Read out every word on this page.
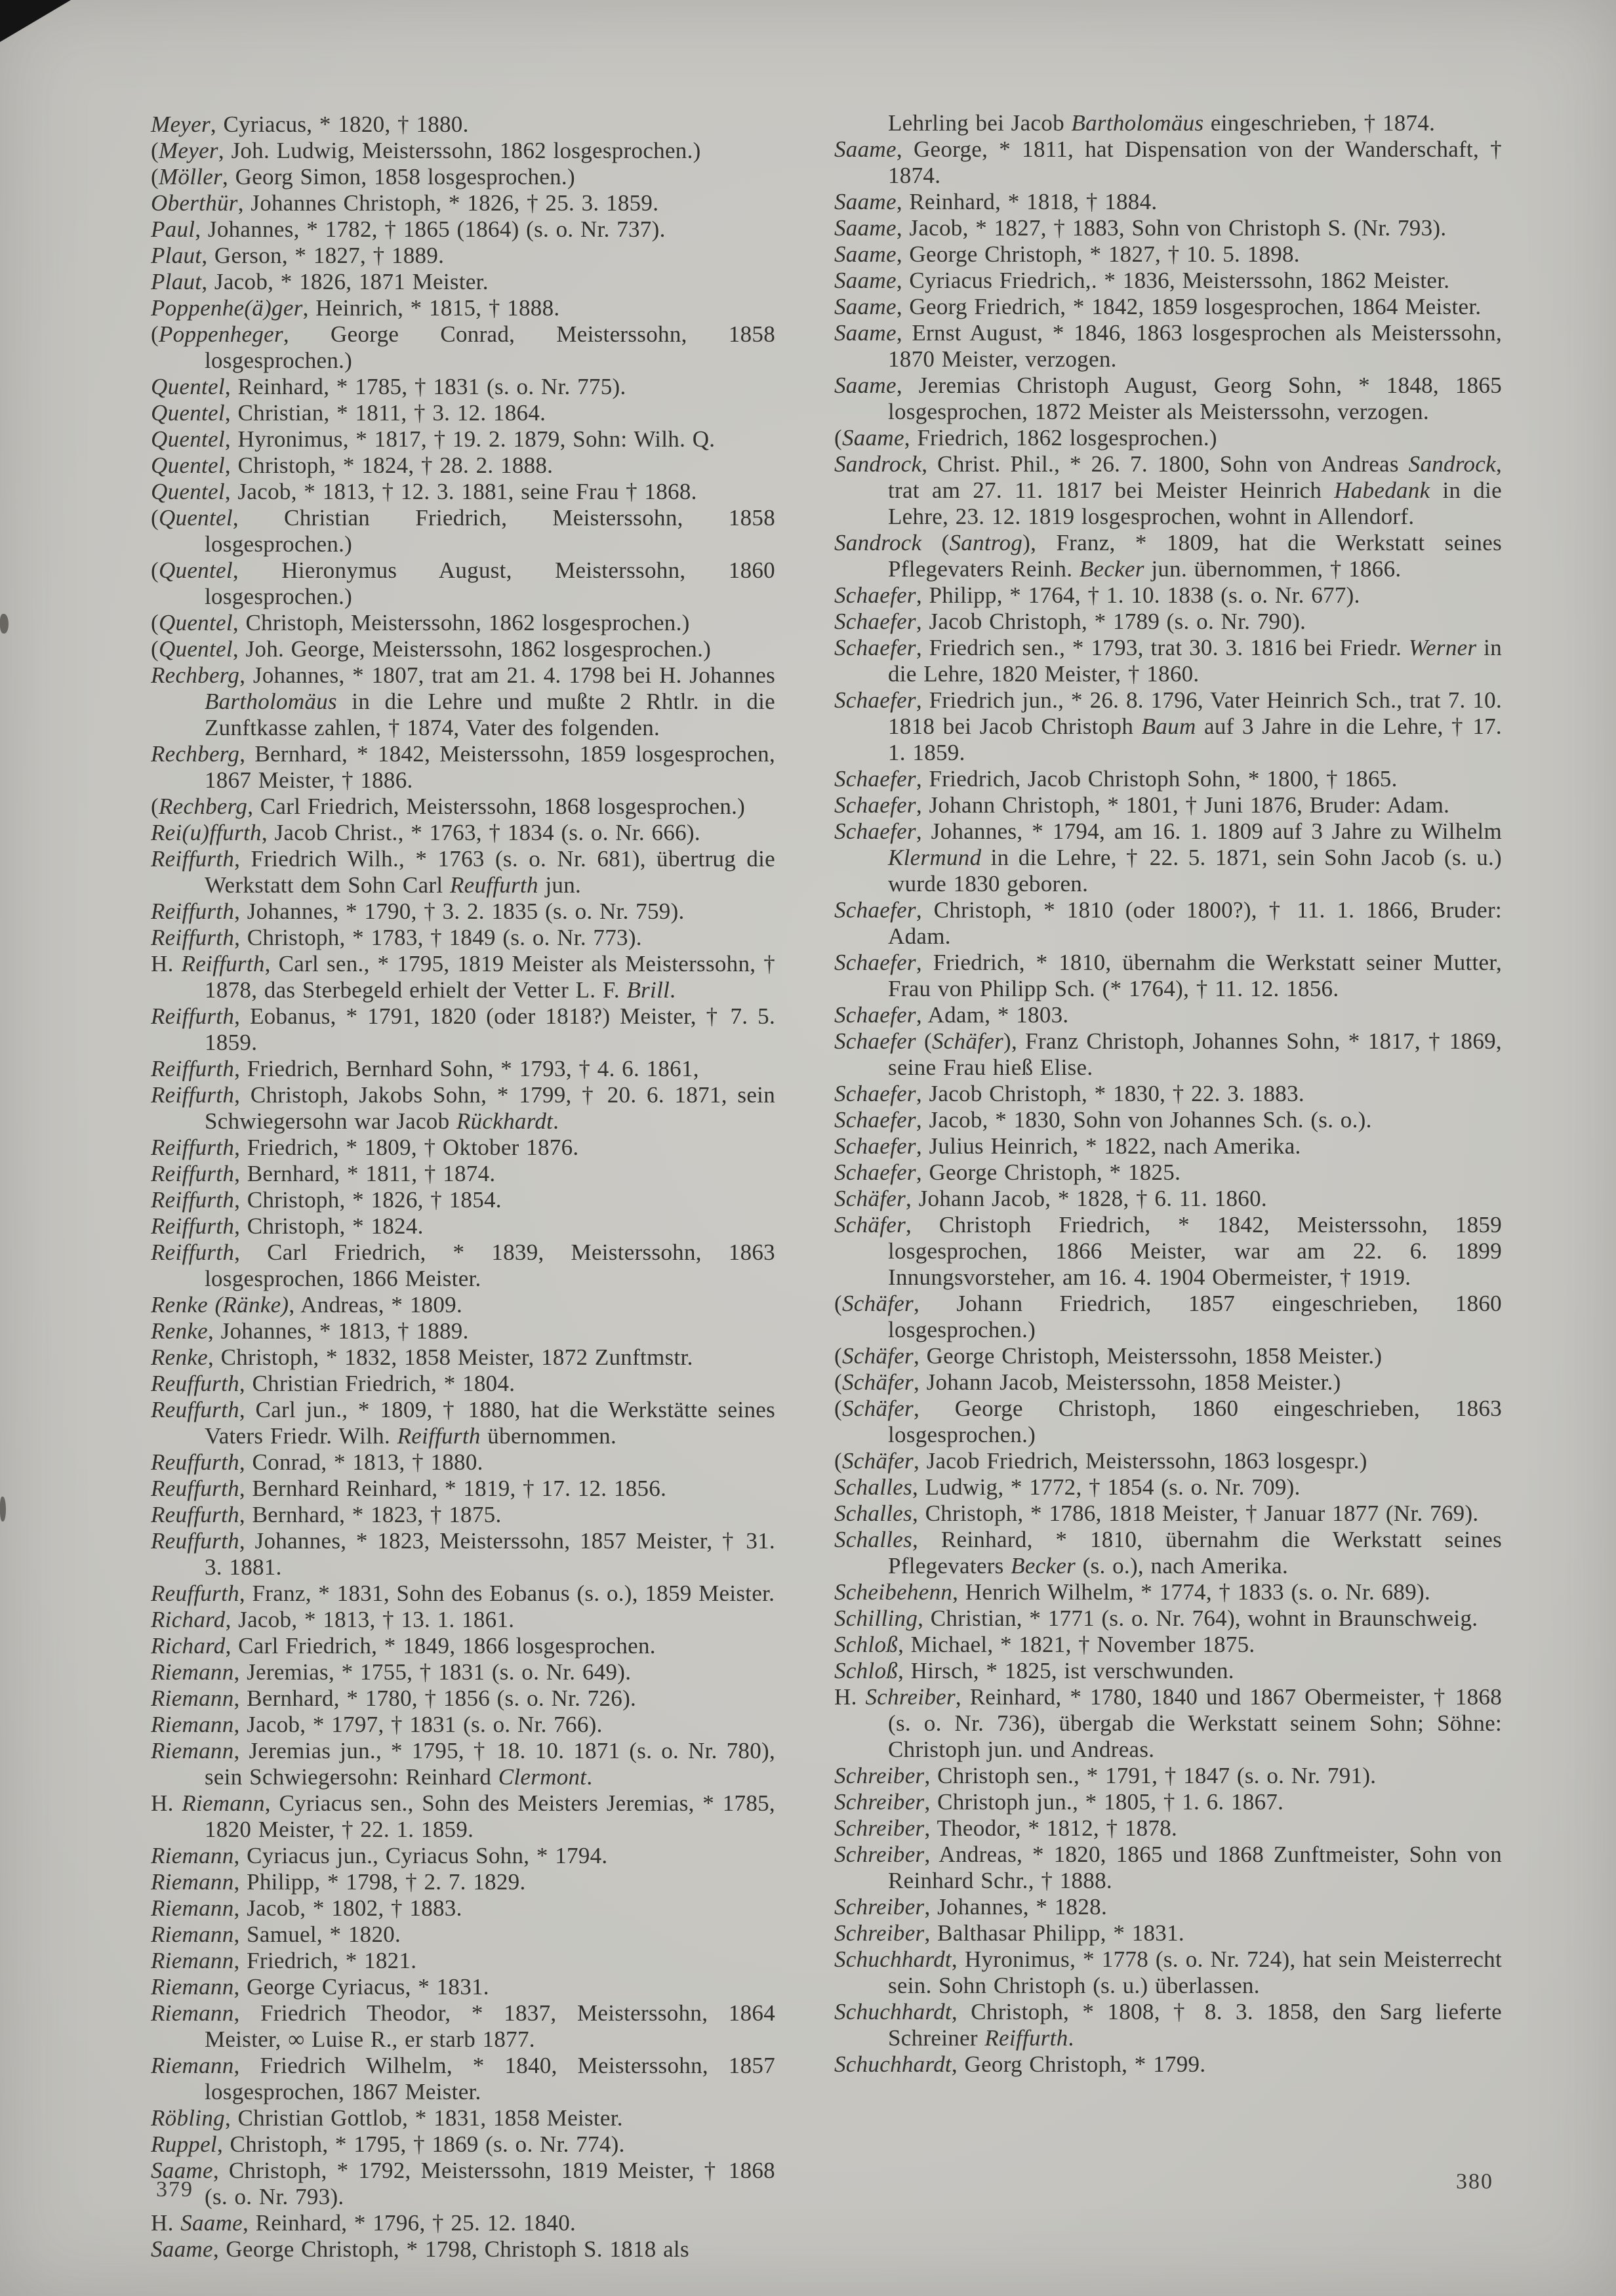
Meyer, Cyriacus, * 1820, † 1880.

(Meyer, Joh. Ludwig, Meisterssohn, 1862 losgesprochen.)

(Möller, Georg Simon, 1858 losgesprochen.)

Oberthür, Johannes Christoph, * 1826, † 25. 3. 1859.

Paul, Johannes, * 1782, † 1865 (1864) (s. o. Nr. 737).

Plaut, Gerson, * 1827, † 1889.

Plaut, Jacob, * 1826, 1871 Meister.

Poppenhe(ä)ger, Heinrich, * 1815, † 1888.

(Poppenheger, George Conrad, Meisterssohn, 1858 losgesprochen.)

Quentel, Reinhard, * 1785, † 1831 (s. o. Nr. 775).

Quentel, Christian, * 1811, † 3. 12. 1864.

Quentel, Hyronimus, * 1817, † 19. 2. 1879, Sohn: Wilh. Q.

Quentel, Christoph, * 1824, † 28. 2. 1888.

Quentel, Jacob, * 1813, † 12. 3. 1881, seine Frau † 1868.

(Quentel, Christian Friedrich, Meisterssohn, 1858 losgesprochen.)

(Quentel, Hieronymus August, Meisterssohn, 1860 losgesprochen.)

(Quentel, Christoph, Meisterssohn, 1862 losgesprochen.)

(Quentel, Joh. George, Meisterssohn, 1862 losgesprochen.)

Rechberg, Johannes, * 1807, trat am 21. 4. 1798 bei H. Johannes Bartholomäus in die Lehre und mußte 2 Rhtlr. in die Zunftkasse zahlen, † 1874, Vater des folgenden.

Rechberg, Bernhard, * 1842, Meisterssohn, 1859 losgesprochen, 1867 Meister, † 1886.

(Rechberg, Carl Friedrich, Meisterssohn, 1868 losgesprochen.)

Rei(u)ffurth, Jacob Christ., * 1763, † 1834 (s. o. Nr. 666).

Reiffurth, Friedrich Wilh., * 1763 (s. o. Nr. 681), übertrug die Werkstatt dem Sohn Carl Reuffurth jun.

Reiffurth, Johannes, * 1790, † 3. 2. 1835 (s. o. Nr. 759).

Reiffurth, Christoph, * 1783, † 1849 (s. o. Nr. 773).

H. Reiffurth, Carl sen., * 1795, 1819 Meister als Meisterssohn, † 1878, das Sterbegeld erhielt der Vetter L. F. Brill.

Reiffurth, Eobanus, * 1791, 1820 (oder 1818?) Meister, † 7. 5. 1859.

Reiffurth, Friedrich, Bernhard Sohn, * 1793, † 4. 6. 1861,

Reiffurth, Christoph, Jakobs Sohn, * 1799, † 20. 6. 1871, sein Schwiegersohn war Jacob Rückhardt.

Reiffurth, Friedrich, * 1809, † Oktober 1876.

Reiffurth, Bernhard, * 1811, † 1874.

Reiffurth, Christoph, * 1826, † 1854.

Reiffurth, Christoph, * 1824.

Reiffurth, Carl Friedrich, * 1839, Meisterssohn, 1863 losgesprochen, 1866 Meister.

Renke (Ränke), Andreas, * 1809.

Renke, Johannes, * 1813, † 1889.

Renke, Christoph, * 1832, 1858 Meister, 1872 Zunftmstr.

Reuffurth, Christian Friedrich, * 1804.

Reuffurth, Carl jun., * 1809, † 1880, hat die Werkstätte seines Vaters Friedr. Wilh. Reiffurth übernommen.

Reuffurth, Conrad, * 1813, † 1880.

Reuffurth, Bernhard Reinhard, * 1819, † 17. 12. 1856.

Reuffurth, Bernhard, * 1823, † 1875.

Reuffurth, Johannes, * 1823, Meisterssohn, 1857 Meister, † 31. 3. 1881.

Reuffurth, Franz, * 1831, Sohn des Eobanus (s. o.), 1859 Meister.

Richard, Jacob, * 1813, † 13. 1. 1861.

Richard, Carl Friedrich, * 1849, 1866 losgesprochen.

Riemann, Jeremias, * 1755, † 1831 (s. o. Nr. 649).

Riemann, Bernhard, * 1780, † 1856 (s. o. Nr. 726).

Riemann, Jacob, * 1797, † 1831 (s. o. Nr. 766).

Riemann, Jeremias jun., * 1795, † 18. 10. 1871 (s. o. Nr. 780), sein Schwiegersohn: Reinhard Clermont.

H. Riemann, Cyriacus sen., Sohn des Meisters Jeremias, * 1785, 1820 Meister, † 22. 1. 1859.

Riemann, Cyriacus jun., Cyriacus Sohn, * 1794.

Riemann, Philipp, * 1798, † 2. 7. 1829.

Riemann, Jacob, * 1802, † 1883.

Riemann, Samuel, * 1820.

Riemann, Friedrich, * 1821.

Riemann, George Cyriacus, * 1831.

Riemann, Friedrich Theodor, * 1837, Meisterssohn, 1864 Meister, ∞ Luise R., er starb 1877.

Riemann, Friedrich Wilhelm, * 1840, Meisterssohn, 1857 losgesprochen, 1867 Meister.

Röbling, Christian Gottlob, * 1831, 1858 Meister.

Ruppel, Christoph, * 1795, † 1869 (s. o. Nr. 774).

Saame, Christoph, * 1792, Meisterssohn, 1819 Meister, † 1868 (s. o. Nr. 793).

H. Saame, Reinhard, * 1796, † 25. 12. 1840.

Saame, George Christoph, * 1798, Christoph S. 1818 als

Lehrling bei Jacob Bartholomäus eingeschrieben, † 1874.

Saame, George, * 1811, hat Dispensation von der Wanderschaft, † 1874.

Saame, Reinhard, * 1818, † 1884.

Saame, Jacob, * 1827, † 1883, Sohn von Christoph S. (Nr. 793).

Saame, George Christoph, * 1827, † 10. 5. 1898.

Saame, Cyriacus Friedrich,. * 1836, Meisterssohn, 1862 Meister.

Saame, Georg Friedrich, * 1842, 1859 losgesprochen, 1864 Meister.

Saame, Ernst August, * 1846, 1863 losgesprochen als Meisterssohn, 1870 Meister, verzogen.

Saame, Jeremias Christoph August, Georg Sohn, * 1848, 1865 losgesprochen, 1872 Meister als Meisterssohn, verzogen.

(Saame, Friedrich, 1862 losgesprochen.)

Sandrock, Christ. Phil., * 26. 7. 1800, Sohn von Andreas Sandrock, trat am 27. 11. 1817 bei Meister Heinrich Habedank in die Lehre, 23. 12. 1819 losgesprochen, wohnt in Allendorf.

Sandrock (Santrog), Franz, * 1809, hat die Werkstatt seines Pflegevaters Reinh. Becker jun. übernommen, † 1866.

Schaefer, Philipp, * 1764, † 1. 10. 1838 (s. o. Nr. 677).

Schaefer, Jacob Christoph, * 1789 (s. o. Nr. 790).

Schaefer, Friedrich sen., * 1793, trat 30. 3. 1816 bei Friedr. Werner in die Lehre, 1820 Meister, † 1860.

Schaefer, Friedrich jun., * 26. 8. 1796, Vater Heinrich Sch., trat 7. 10. 1818 bei Jacob Christoph Baum auf 3 Jahre in die Lehre, † 17. 1. 1859.

Schaefer, Friedrich, Jacob Christoph Sohn, * 1800, † 1865.

Schaefer, Johann Christoph, * 1801, † Juni 1876, Bruder: Adam.

Schaefer, Johannes, * 1794, am 16. 1. 1809 auf 3 Jahre zu Wilhelm Klermund in die Lehre, † 22. 5. 1871, sein Sohn Jacob (s. u.) wurde 1830 geboren.

Schaefer, Christoph, * 1810 (oder 1800?), † 11. 1. 1866, Bruder: Adam.

Schaefer, Friedrich, * 1810, übernahm die Werkstatt seiner Mutter, Frau von Philipp Sch. (* 1764), † 11. 12. 1856.

Schaefer, Adam, * 1803.

Schaefer (Schäfer), Franz Christoph, Johannes Sohn, * 1817, † 1869, seine Frau hieß Elise.

Schaefer, Jacob Christoph, * 1830, † 22. 3. 1883.

Schaefer, Jacob, * 1830, Sohn von Johannes Sch. (s. o.).

Schaefer, Julius Heinrich, * 1822, nach Amerika.

Schaefer, George Christoph, * 1825.

Schäfer, Johann Jacob, * 1828, † 6. 11. 1860.

Schäfer, Christoph Friedrich, * 1842, Meisterssohn, 1859 losgesprochen, 1866 Meister, war am 22. 6. 1899 Innungsvorsteher, am 16. 4. 1904 Obermeister, † 1919.

(Schäfer, Johann Friedrich, 1857 eingeschrieben, 1860 losgesprochen.)

(Schäfer, George Christoph, Meisterssohn, 1858 Meister.)

(Schäfer, Johann Jacob, Meisterssohn, 1858 Meister.)

(Schäfer, George Christoph, 1860 eingeschrieben, 1863 losgesprochen.)

(Schäfer, Jacob Friedrich, Meisterssohn, 1863 losgespr.)

Schalles, Ludwig, * 1772, † 1854 (s. o. Nr. 709).

Schalles, Christoph, * 1786, 1818 Meister, † Januar 1877 (Nr. 769).

Schalles, Reinhard, * 1810, übernahm die Werkstatt seines Pflegevaters Becker (s. o.), nach Amerika.

Scheibehenn, Henrich Wilhelm, * 1774, † 1833 (s. o. Nr. 689).

Schilling, Christian, * 1771 (s. o. Nr. 764), wohnt in Braunschweig.

Schloß, Michael, * 1821, † November 1875.

Schloß, Hirsch, * 1825, ist verschwunden.

H. Schreiber, Reinhard, * 1780, 1840 und 1867 Obermeister, † 1868 (s. o. Nr. 736), übergab die Werkstatt seinem Sohn; Söhne: Christoph jun. und Andreas.

Schreiber, Christoph sen., * 1791, † 1847 (s. o. Nr. 791).

Schreiber, Christoph jun., * 1805, † 1. 6. 1867.

Schreiber, Theodor, * 1812, † 1878.

Schreiber, Andreas, * 1820, 1865 und 1868 Zunftmeister, Sohn von Reinhard Schr., † 1888.

Schreiber, Johannes, * 1828.

Schreiber, Balthasar Philipp, * 1831.

Schuchhardt, Hyronimus, * 1778 (s. o. Nr. 724), hat sein Meisterrecht sein. Sohn Christoph (s. u.) überlassen.

Schuchhardt, Christoph, * 1808, † 8. 3. 1858, den Sarg lieferte Schreiner Reiffurth.

Schuchhardt, Georg Christoph, * 1799.

379	380
